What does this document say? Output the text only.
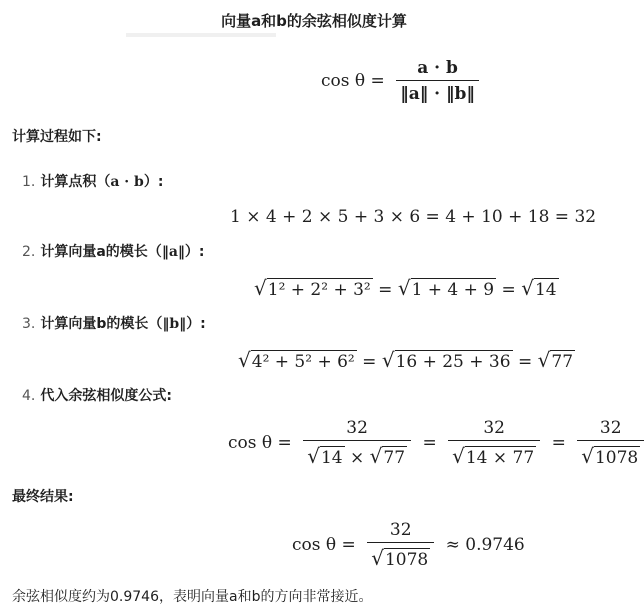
向量a和b的余弦相似度计算
$\cos \theta = \frac{a \cdot b}{‖a‖ \cdot ‖b‖}$
计算过程如下:
1. 计算点积（a · b）:
1 × 4 + 2 × 5 + 3 × 6 = 4 + 10 + 18 = 32
2. 计算向量a的模长（‖a‖）:
√1² + 2² + 3² = √1 + 4 + 9 = √14
3. 计算向量b的模长（‖b‖）:
√4² + 5² + 6² = √16 + 25 + 36 = √77
4. 代入余弦相似度公式:
$\cos \theta = \frac{32}{√14 \times √77} = \frac{32}{√14 \times 77} = \frac{32}{√1078}$
最终结果:
$\cos \theta = \frac{32}{√1078} \approx 0.9746$
余弦相似度约为0.9746，表明向量a和b的方向非常接近。
